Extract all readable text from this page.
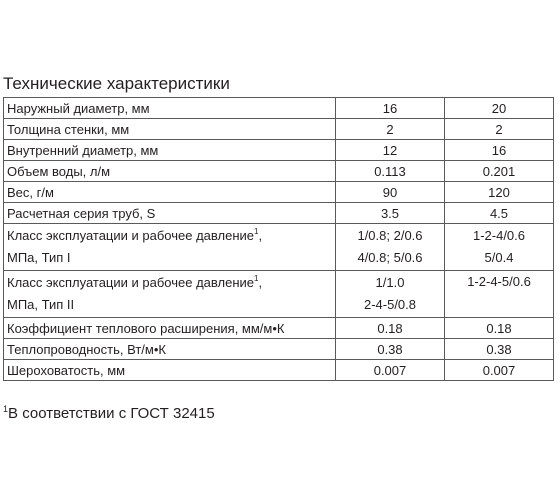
Технические характеристики
Наружный диаметр, мм	16	20
Толщина стенки, мм	2	2
Внутренний диаметр, мм	12	16
Объем воды, л/м	0.113	0.201
Вес, г/м	90	120
Расчетная серия труб, S	3.5	4.5

Класс эксплуатации и рабочее давление$^1$,
МПа, Тип I	1/0.8; 2/0.6
4/0.8; 5/0.6	1-2-4/0.6
5/0.4

Класс эксплуатации и рабочее давление$^1$,
МПа, Тип II	1/1.0
2-4-5/0.8	1-2-4-5/0.6

Коэффициент теплового расширения, мм/м•К	0.18	0.18
Теплопроводность, Вт/м•К	0.38	0.38
Шероховатость, мм	0.007	0.007
$^1$В соответствии с ГОСТ 32415
